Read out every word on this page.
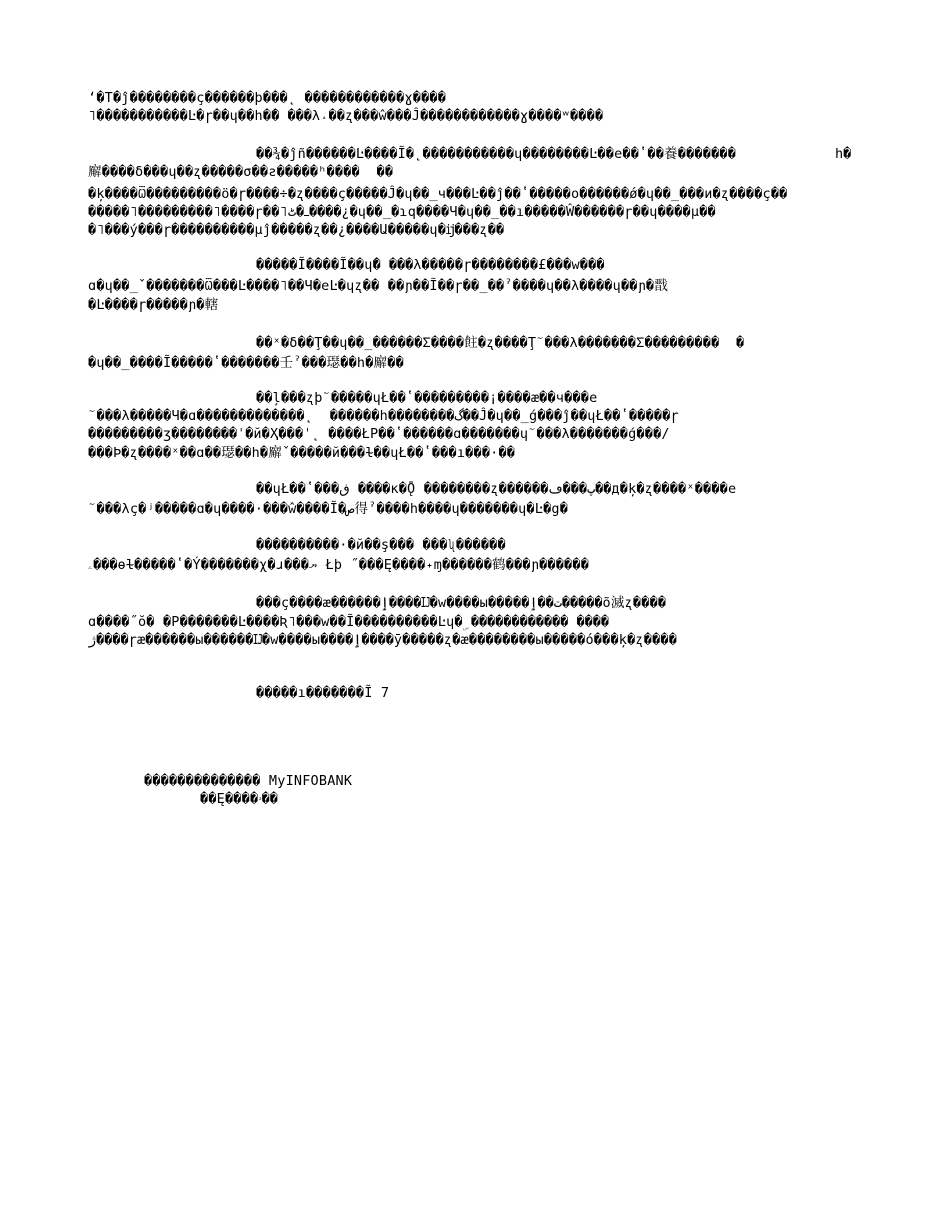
ʻ�T�ĵ��������ç������þ���˛ ������������ɣ����
˥�����������Ŀ�ɼ��ɥ��h��ٓ ���λ˔��ʐ���ŵ���Ĵ������������ɣ����ʷ����
��¾�ĵñ������Ŀ����Ĩ�˛�����������ɥ��������Ŀ��e��ʽ��養�������	h�
廨����δ���ɥ��ʐ�����σ��ƨ�����ʰ����  ��
�ķ����Ѿ���������ö�ɼ����÷�ʐ����ç�����Ĵ�ɥ��_ч���Ŀ��ĵ��ʽ�����о������ǿ�ɥ��_���и�ʐ����ç��
�����˥���������˥����ɼ��˥ߺ�ٹ����¿�ɥ��_�ɿq����Ч�ɥ��_��ı�����Ŵ������ɼ��ɥ����µ��
�˥���ý���ɼ����������µĵ�����ʐ��¿����Ա�����ɥ�ĳ���ʐ��
�����Ĩ����Ĩ��ɥ�ٓ ���λ�����ɼ��������£���w���
ɑ�ɥ��_ˇ�������Ѿ���Ŀ����˥��Ч�eĿ�ɥʐ�� ��ɲ��Ĩ��ɼ��_��ˀ����ɥ��λ����ɥ��ɲ�戬
�Ŀ����ɼ�����ɲ�轄
��ˣ�δ��Ţ��ɥ��_������Σ����飳�ʐ����Ţٓ ���λ�������Σ���������  �
�ɥ��_����Ĩ�����ʽ�������壬ˀ���璱��h�廨��
��ļ���ʐþٓ �����ɥŁ��ʽ���������¡����æ��ч���e
ٓ ���λ�����Ч�ɑ�������������˛  ������h��������گ��Ĵ�ɥ��_ǵ���ĵ��ɥŁ��ʽ�����ɼ
���������ʒ�����ٓ���ˈ�й�Ҳ���ˈ˛ ����ŁP��ʽ������ɑ�������ɥٓ ���λ�������ǵ���/
���Þ�ʐ����ˣ��ɑ��璱��h�廨ˇ�����й���ɫ��ɥŁ��ʽ���ı���·��
��ɥŁ��ʽ���ڧ ����ĸ�Ǭ ��������ʐ������پ���ڡ��д�ķ�ʐ����ˣ����e
ٓ ���λç�ʲ�����ɑ�ɥ����·���ŵ����Ĩ�ص得ˀ����h����ɥ�������ɥ�Ŀ�g�
����������·�й��ş��� ���ʯ������
ۦ���ɵɫ�����ʽ�Ý�������χ�ɹ���ޔ Łþ ˝���Ę����˖ɱ������鹤���ɲ������
���ç����æ������ٳ����Ĳ�w����ы�����ت��ٳ�����õ滅ʐ����
ɑ����˝ŏ� �P�������Ŀ����Ʀ˥���w��Ĩ����������Ŀɥ�ۣ ������������ ����
ژ����ɼæ������ы������Ĳ�w����ы����ٳ����ӯ�����ʐ�æ��������ы�����ó���ķ�ʐ����
�����ı�������Ĩ 7
�������������� MyINFOBANK
��Ę����ۥ��
